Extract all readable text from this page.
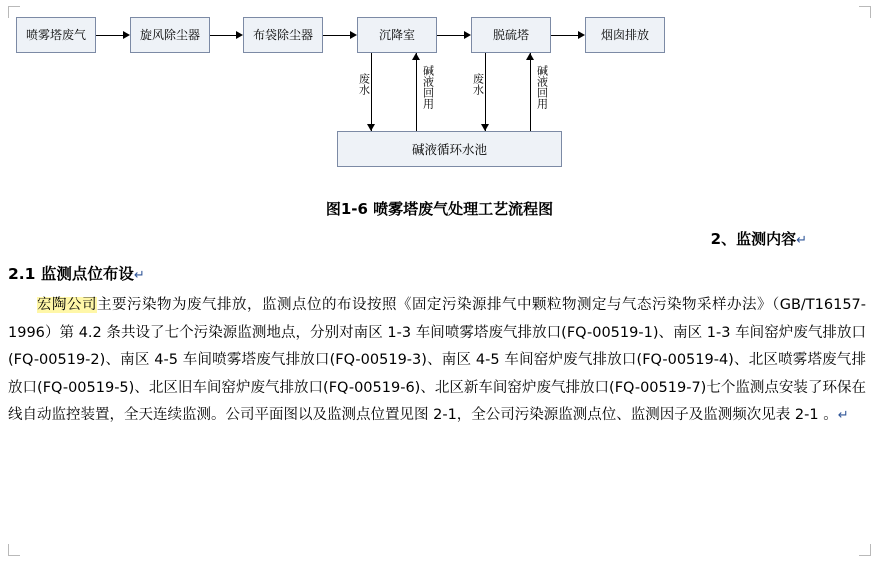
喷雾塔废气	旋风除尘器	布袋除尘器	沉降室	脱硫塔	烟囱排放
废水	碱液回用	废水	碱液回用
碱液循环水池
图1-6 喷雾塔废气处理工艺流程图
2、监测内容↵
2.1 监测点位布设↵
宏陶公司主要污染物为废气排放，监测点位的布设按照《固定污染源排气中颗粒物测定与气态污染物采样办法》（GB/T16157-1996）第 4.2 条共设了七个污染源监测地点，分别对南区 1-3 车间喷雾塔废气排放口(FQ-00519-1)、南区 1-3 车间窑炉废气排放口(FQ-00519-2)、南区 4-5 车间喷雾塔废气排放口(FQ-00519-3)、南区 4-5 车间窑炉废气排放口(FQ-00519-4)、北区喷雾塔废气排放口(FQ-00519-5)、北区旧车间窑炉废气排放口(FQ-00519-6)、北区新车间窑炉废气排放口(FQ-00519-7)七个监测点安装了环保在线自动监控装置，全天连续监测。公司平面图以及监测点位置见图 2-1，全公司污染源监测点位、监测因子及监测频次见表 2-1 。↵
